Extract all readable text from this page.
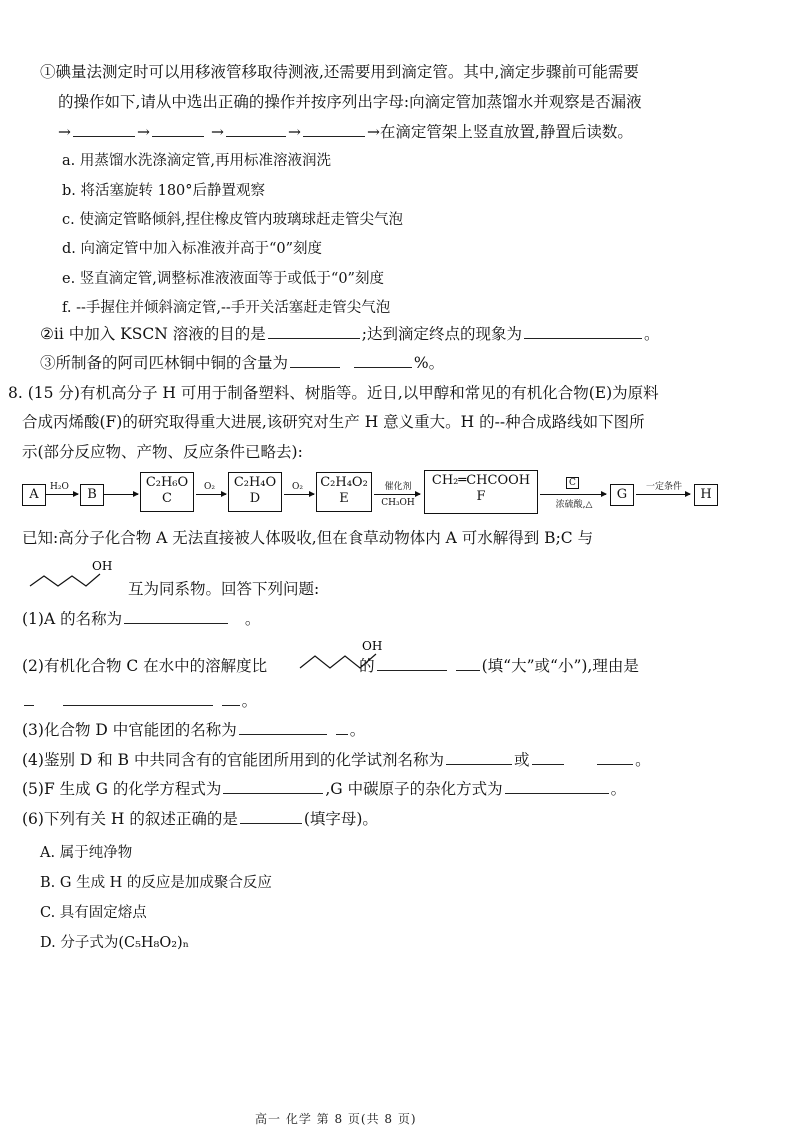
①碘量法测定时可以用移液管移取待测液,还需要用到滴定管。其中,滴定步骤前可能需要
的操作如下,请从中选出正确的操作并按序列出字母:向滴定管加蒸馏水并观察是否漏液
→	→	→	→	→在滴定管架上竖直放置,静置后读数。
a. 用蒸馏水洗涤滴定管,再用标准溶液润洗
b. 将活塞旋转 180°后静置观察
c. 使滴定管略倾斜,捏住橡皮管内玻璃球赶走管尖气泡
d. 向滴定管中加入标准液并高于“0”刻度
e. 竖直滴定管,调整标准液液面等于或低于“0”刻度
f. --手握住并倾斜滴定管,--手开关活塞赶走管尖气泡
②ii 中加入 KSCN 溶液的目的是	;达到滴定终点的现象为	。
③所制备的阿司匹林铜中铜的含量为	%。
8. (15 分)有机高分子 H 可用于制备塑料、树脂等。近日,以甲醇和常见的有机化合物(E)为原料
合成丙烯酸(F)的研究取得重大进展,该研究对生产 H 意义重大。H 的--种合成路线如下图所
示(部分反应物、产物、反应条件已略去):
A →
H₂O	B →
C₂H₆O
C
O₂	C₂H₄O
D	→
O₂ C₂H₄O₂
E
催化剂
CH₃OH
CH₂═CHCOOH
F
C
浓硫酸,△
G →
一定条件	H
已知:高分子化合物 A 无法直接被人体吸收,但在食草动物体内 A 可水解得到 B;C 与
OH
互为同系物。回答下列问题:
(1)A 的名称为	。
(2)有机化合物 C 在水中的溶解度比	的	(填“大”或“小”),理由是
OH
。
(3)化合物 D 中官能团的名称为	。
(4)鉴别 D 和 B 中共同含有的官能团所用到的化学试剂名称为	或	。
(5)F 生成 G 的化学方程式为	,G 中碳原子的杂化方式为	。
(6)下列有关 H 的叙述正确的是	(填字母)。
A. 属于纯净物
B. G 生成 H 的反应是加成聚合反应
C. 具有固定熔点
D. 分子式为(C₅H₈O₂)ₙ
高一 化学 第 8 页(共 8 页)
